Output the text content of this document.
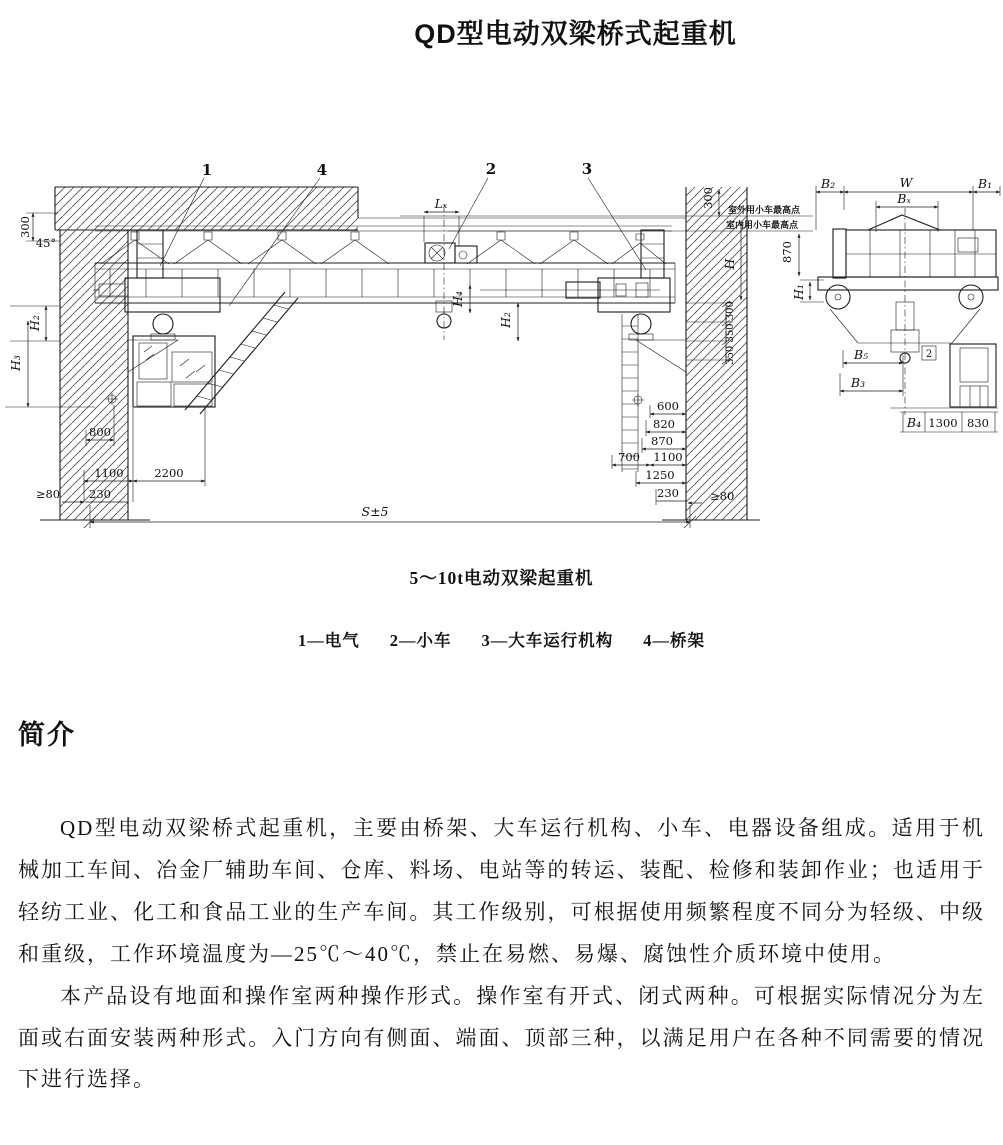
QD型电动双梁桥式起重机
室外用小车最高点
室内用小车最高点
1	4	2	3
Lₓ
300
45°
H₂
H₃
H₄
H₂
800
1100	2200
≥80	230
350 350 300
H
300
600
820
870
700 1100
1250
230	≥80
S±5
2
B₂	W	B₁
Bₓ
870
H₁
B₅
B₃
B₄ 1300 830
5～10t电动双梁起重机
1—电气 2—小车 3—大车运行机构 4—桥架
简介

QD型电动双梁桥式起重机，主要由桥架、大车运行机构、小车、电器设备组成。适用于机械加工车间、冶金厂辅助车间、仓库、料场、电站等的转运、装配、检修和装卸作业；也适用于轻纺工业、化工和食品工业的生产车间。其工作级别，可根据使用频繁程度不同分为轻级、中级和重级，工作环境温度为—25℃～40℃，禁止在易燃、易爆、腐蚀性介质环境中使用。

本产品设有地面和操作室两种操作形式。操作室有开式、闭式两种。可根据实际情况分为左面或右面安装两种形式。入门方向有侧面、端面、顶部三种，以满足用户在各种不同需要的情况下进行选择。
